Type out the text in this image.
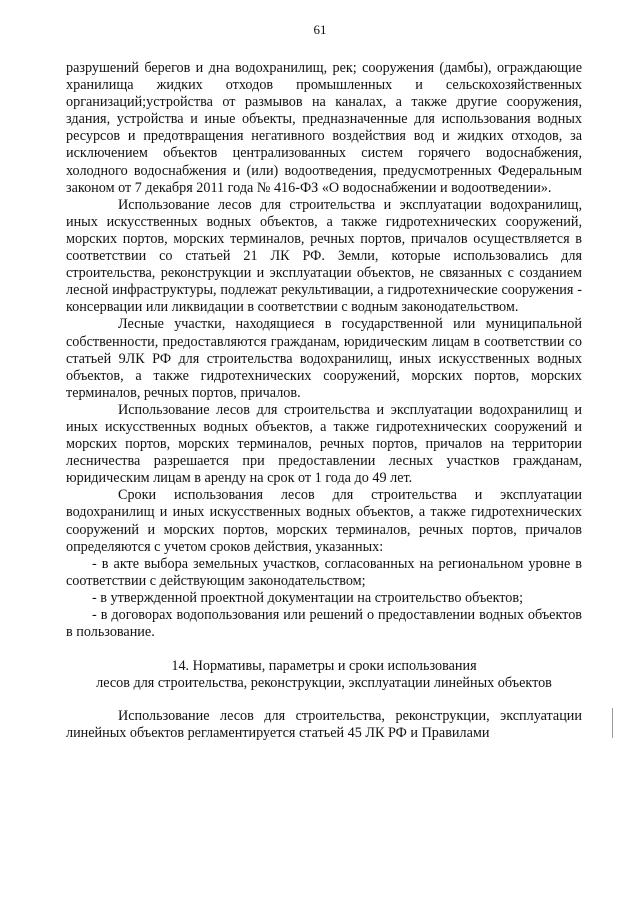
61

разрушений берегов и дна водохранилищ, рек; сооружения (дамбы), ограждающие хранилища жидких отходов промышленных и сельскохозяйственных организаций;устройства от размывов на каналах, а также другие сооружения, здания, устройства и иные объекты, предназначенные для использования водных ресурсов и предотвращения негативного воздействия вод и жидких отходов, за исключением объектов централизованных систем горячего водоснабжения, холодного водоснабжения и (или) водоотведения, предусмотренных Федеральным законом от 7 декабря 2011 года № 416-ФЗ «О водоснабжении и водоотведении».

Использование лесов для строительства и эксплуатации водохранилищ, иных искусственных водных объектов, а также гидротехнических сооружений, морских портов, морских терминалов, речных портов, причалов осуществляется в соответствии со статьей 21 ЛК РФ. Земли, которые использовались для строительства, реконструкции и эксплуатации объектов, не связанных с созданием лесной инфраструктуры, подлежат рекультивации, а гидротехнические сооружения - консервации или ликвидации в соответствии с водным законодательством.

Лесные участки, находящиеся в государственной или муниципальной собственности, предоставляются гражданам, юридическим лицам в соответствии со статьей 9ЛК РФ для строительства водохранилищ, иных искусственных водных объектов, а также гидротехнических сооружений, морских портов, морских терминалов, речных портов, причалов.

Использование лесов для строительства и эксплуатации водохранилищ и иных искусственных водных объектов, а также гидротехнических сооружений и морских портов, морских терминалов, речных портов, причалов на территории лесничества разрешается при предоставлении лесных участков гражданам, юридическим лицам в аренду на срок от 1 года до 49 лет.

Сроки использования лесов для строительства и эксплуатации водохранилищ и иных искусственных водных объектов, а также гидротехнических сооружений и морских портов, морских терминалов, речных портов, причалов определяются с учетом сроков действия, указанных:

- в акте выбора земельных участков, согласованных на региональном уровне в соответствии с действующим законодательством;

- в утвержденной проектной документации на строительство объектов;

- в договорах водопользования или решений о предоставлении водных объектов в пользование.

14. Нормативы, параметры и сроки использования
лесов для строительства, реконструкции, эксплуатации линейных объектов

Использование лесов для строительства, реконструкции, эксплуатации линейных объектов регламентируется статьей 45 ЛК РФ и Правилами
